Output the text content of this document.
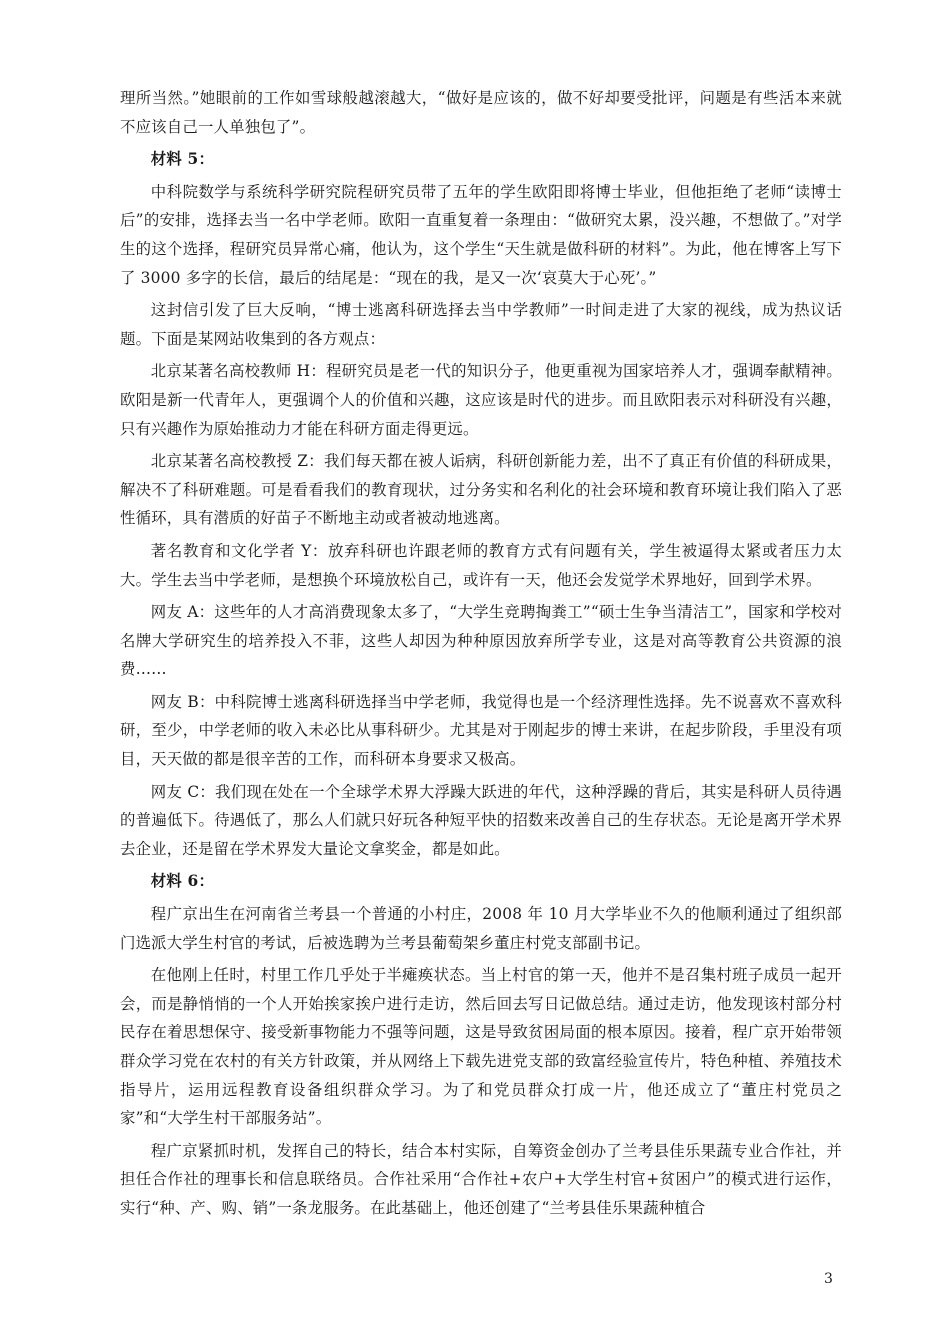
理所当然。”她眼前的工作如雪球般越滚越大，“做好是应该的，做不好却要受批评，问题是有些活本来就不应该自己一人单独包了”。

材料 5：

中科院数学与系统科学研究院程研究员带了五年的学生欧阳即将博士毕业，但他拒绝了老师“读博士后”的安排，选择去当一名中学老师。欧阳一直重复着一条理由：“做研究太累，没兴趣，不想做了。”对学生的这个选择，程研究员异常心痛，他认为，这个学生“天生就是做科研的材料”。为此，他在博客上写下了 3000 多字的长信，最后的结尾是：“现在的我，是又一次‘哀莫大于心死’。”

这封信引发了巨大反响，“博士逃离科研选择去当中学教师”一时间走进了大家的视线，成为热议话题。下面是某网站收集到的各方观点：

北京某著名高校教师 H：程研究员是老一代的知识分子，他更重视为国家培养人才，强调奉献精神。欧阳是新一代青年人，更强调个人的价值和兴趣，这应该是时代的进步。而且欧阳表示对科研没有兴趣，只有兴趣作为原始推动力才能在科研方面走得更远。

北京某著名高校教授 Z：我们每天都在被人诟病，科研创新能力差，出不了真正有价值的科研成果，解决不了科研难题。可是看看我们的教育现状，过分务实和名利化的社会环境和教育环境让我们陷入了恶性循环，具有潜质的好苗子不断地主动或者被动地逃离。

著名教育和文化学者 Y：放弃科研也许跟老师的教育方式有问题有关，学生被逼得太紧或者压力太大。学生去当中学老师，是想换个环境放松自己，或许有一天，他还会发觉学术界地好，回到学术界。

网友 A：这些年的人才高消费现象太多了，“大学生竞聘掏粪工”“硕士生争当清洁工”，国家和学校对名牌大学研究生的培养投入不菲，这些人却因为种种原因放弃所学专业，这是对高等教育公共资源的浪费……

网友 B：中科院博士逃离科研选择当中学老师，我觉得也是一个经济理性选择。先不说喜欢不喜欢科研，至少，中学老师的收入未必比从事科研少。尤其是对于刚起步的博士来讲，在起步阶段，手里没有项目，天天做的都是很辛苦的工作，而科研本身要求又极高。

网友 C：我们现在处在一个全球学术界大浮躁大跃进的年代，这种浮躁的背后，其实是科研人员待遇的普遍低下。待遇低了，那么人们就只好玩各种短平快的招数来改善自己的生存状态。无论是离开学术界去企业，还是留在学术界发大量论文拿奖金，都是如此。

材料 6：

程广京出生在河南省兰考县一个普通的小村庄，2008 年 10 月大学毕业不久的他顺利通过了组织部门选派大学生村官的考试，后被选聘为兰考县葡萄架乡董庄村党支部副书记。

在他刚上任时，村里工作几乎处于半瘫痪状态。当上村官的第一天，他并不是召集村班子成员一起开会，而是静悄悄的一个人开始挨家挨户进行走访，然后回去写日记做总结。通过走访，他发现该村部分村民存在着思想保守、接受新事物能力不强等问题，这是导致贫困局面的根本原因。接着，程广京开始带领群众学习党在农村的有关方针政策，并从网络上下载先进党支部的致富经验宣传片，特色种植、养殖技术指导片，运用远程教育设备组织群众学习。为了和党员群众打成一片，他还成立了“董庄村党员之家”和“大学生村干部服务站”。

程广京紧抓时机，发挥自己的特长，结合本村实际，自筹资金创办了兰考县佳乐果蔬专业合作社，并担任合作社的理事长和信息联络员。合作社采用“合作社+农户+大学生村官+贫困户”的模式进行运作，实行“种、产、购、销”一条龙服务。在此基础上，他还创建了“兰考县佳乐果蔬种植合

3
